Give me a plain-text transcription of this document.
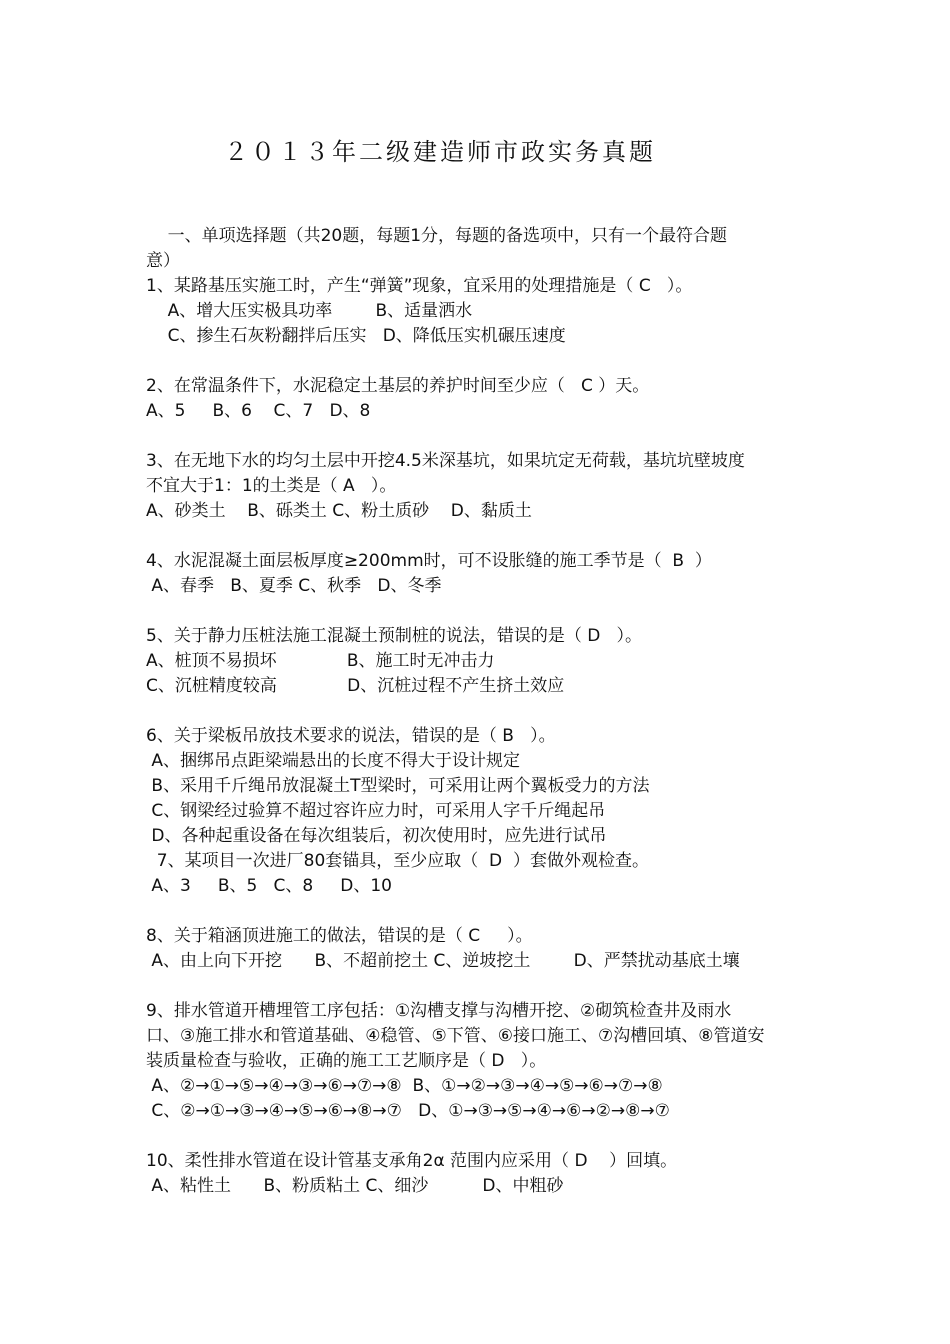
２０１３年二级建造师市政实务真题
一、单项选择题（共20题，每题1分，每题的备选项中，只有一个最符合题
意）
1、某路基压实施工时，产生“弹簧”现象，宜采用的处理措施是（ C   ）。
A、增大压实极具功率        B、适量洒水
C、掺生石灰粉翻拌后压实   D、降低压实机碾压速度
2、在常温条件下，水泥稳定土基层的养护时间至少应（   C ）天。
A、5     B、6    C、7   D、8
3、在无地下水的均匀土层中开挖4.5米深基坑，如果坑定无荷载，基坑坑壁坡度
不宜大于1：1的土类是（ A   ）。
A、砂类土    B、砾类土 C、粉土质砂    D、黏质土
4、水泥混凝土面层板厚度≥200mm时，可不设胀缝的施工季节是（  B  ）
A、春季   B、夏季 C、秋季   D、冬季
5、关于静力压桩法施工混凝土预制桩的说法，错误的是（ D   ）。
A、桩顶不易损坏             B、施工时无冲击力
C、沉桩精度较高             D、沉桩过程不产生挤土效应
6、关于梁板吊放技术要求的说法，错误的是（ B   ）。
A、捆绑吊点距梁端悬出的长度不得大于设计规定
B、采用千斤绳吊放混凝土T型梁时，可采用让两个翼板受力的方法
C、钢梁经过验算不超过容许应力时，可采用人字千斤绳起吊
D、各种起重设备在每次组装后，初次使用时，应先进行试吊
7、某项目一次进厂80套锚具，至少应取（  D  ）套做外观检查。
A、3     B、5   C、8     D、10
8、关于箱涵顶进施工的做法，错误的是（ C     ）。
A、由上向下开挖      B、不超前挖土 C、逆坡挖土        D、严禁扰动基底土壤
9、排水管道开槽埋管工序包括：①沟槽支撑与沟槽开挖、②砌筑检查井及雨水
口、③施工排水和管道基础、④稳管、⑤下管、⑥接口施工、⑦沟槽回填、⑧管道安
装质量检查与验收，正确的施工工艺顺序是（ D   ）。
A、②→①→⑤→④→③→⑥→⑦→⑧  B、①→②→③→④→⑤→⑥→⑦→⑧
C、②→①→③→④→⑤→⑥→⑧→⑦   D、①→③→⑤→④→⑥→②→⑧→⑦
10、柔性排水管道在设计管基支承角2α 范围内应采用（ D    ）回填。
A、粘性土      B、粉质粘土 C、细沙          D、中粗砂
